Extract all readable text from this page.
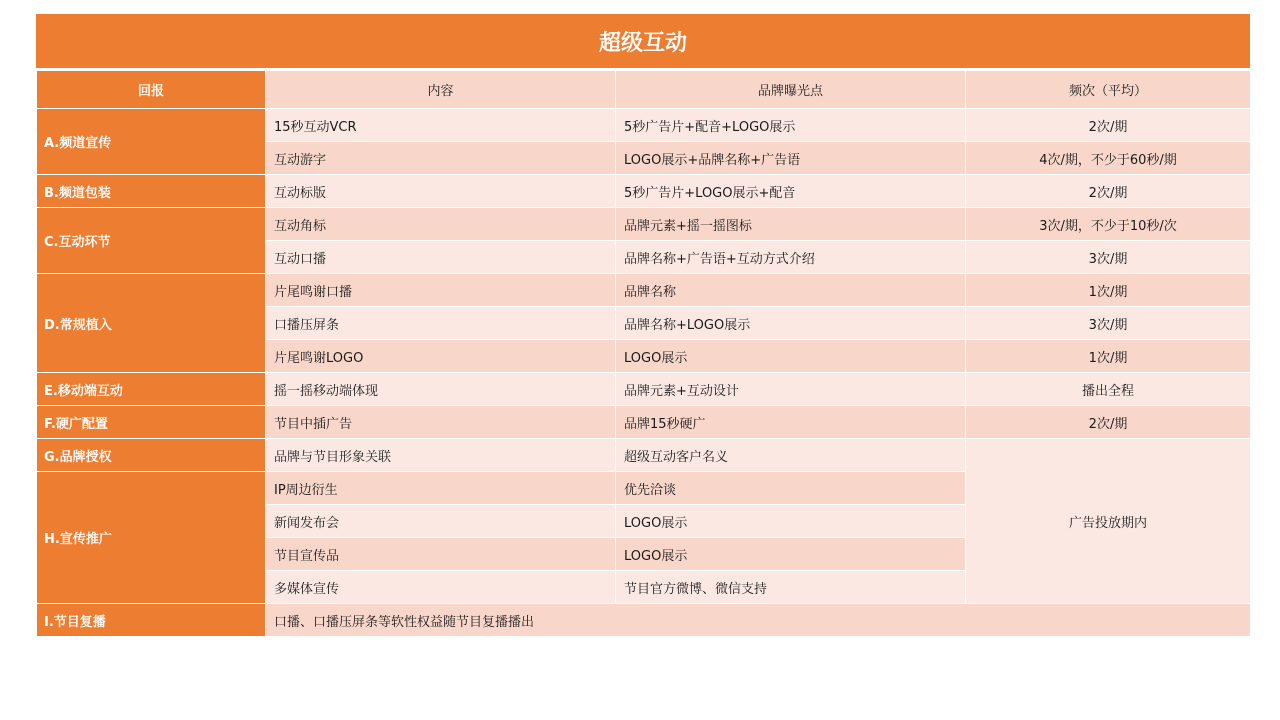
超级互动
回报	内容	品牌曝光点	频次（平均）
A.频道宣传	15秒互动VCR	5秒广告片+配音+LOGO展示	2次/期
	互动游字	LOGO展示+品牌名称+广告语	4次/期，不少于60秒/期
B.频道包装	互动标版	5秒广告片+LOGO展示+配音	2次/期
C.互动环节	互动角标	品牌元素+摇一摇图标	3次/期，不少于10秒/次
	互动口播	品牌名称+广告语+互动方式介绍	3次/期
D.常规植入	片尾鸣谢口播	品牌名称	1次/期
	口播压屏条	品牌名称+LOGO展示	3次/期
	片尾鸣谢LOGO	LOGO展示	1次/期
E.移动端互动	摇一摇移动端体现	品牌元素+互动设计	播出全程
F.硬广配置	节目中插广告	品牌15秒硬广	2次/期
G.品牌授权	品牌与节目形象关联	超级互动客户名义	广告投放期内
H.宣传推广	IP周边衍生	优先洽谈	
	新闻发布会	LOGO展示	
	节目宣传品	LOGO展示	
	多媒体宣传	节目官方微博、微信支持	
I.节目复播	口播、口播压屏条等软性权益随节目复播播出		
